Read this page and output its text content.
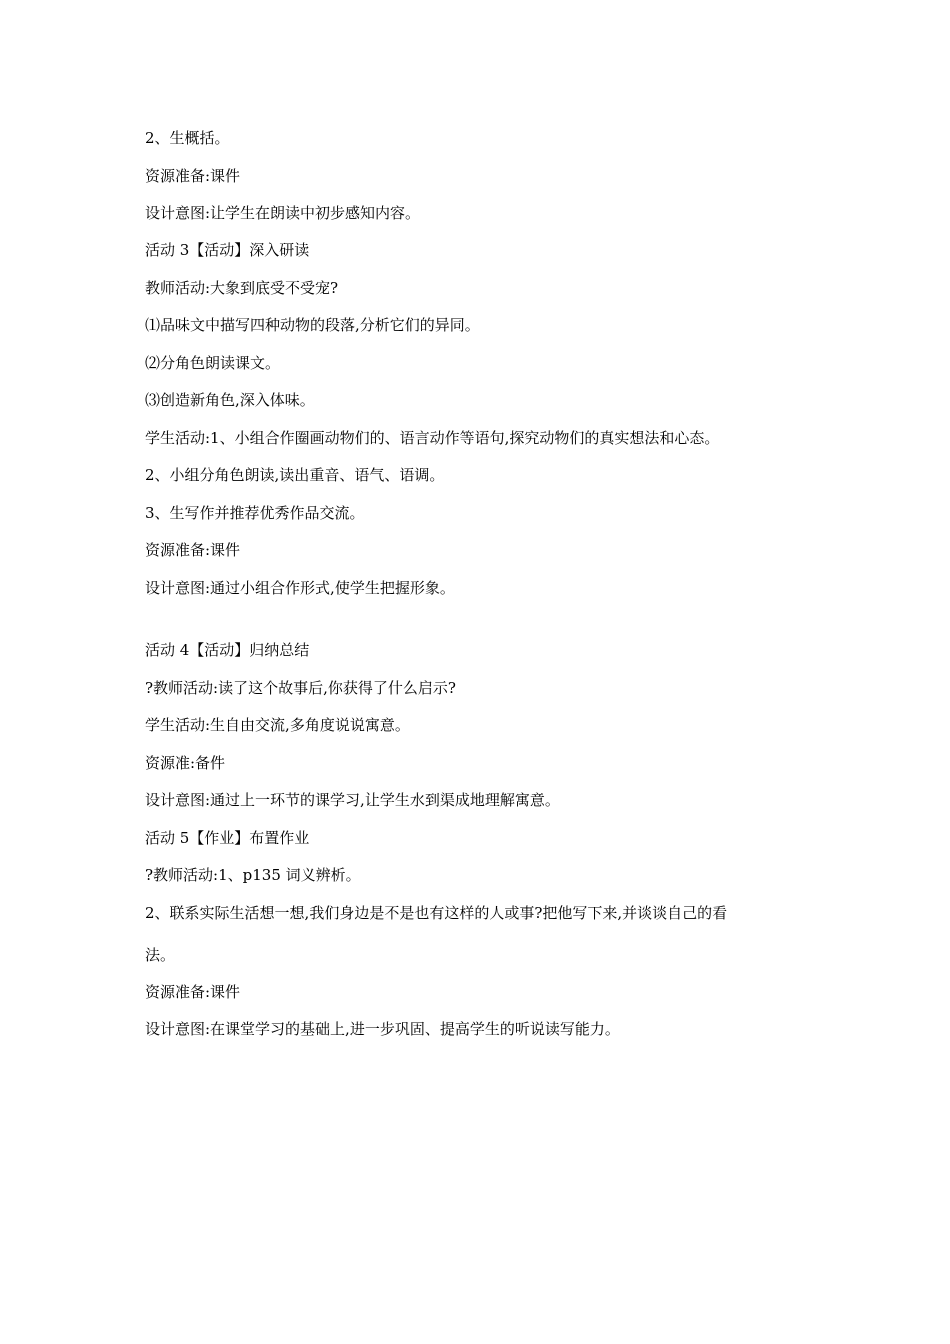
2、生概括。
资源准备:课件
设计意图:让学生在朗读中初步感知内容。
活动 3【活动】深入研读
教师活动:大象到底受不受宠?
⑴品味文中描写四种动物的段落,分析它们的异同。
⑵分角色朗读课文。
⑶创造新角色,深入体味。
学生活动:1、小组合作圈画动物们的、语言动作等语句,探究动物们的真实想法和心态。
2、小组分角色朗读,读出重音、语气、语调。
3、生写作并推荐优秀作品交流。
资源准备:课件
设计意图:通过小组合作形式,使学生把握形象。
活动 4【活动】归纳总结
?教师活动:读了这个故事后,你获得了什么启示?
学生活动:生自由交流,多角度说说寓意。
资源准:备件
设计意图:通过上一环节的课学习,让学生水到渠成地理解寓意。
活动 5【作业】布置作业
?教师活动:1、p135 词义辨析。
2、联系实际生活想一想,我们身边是不是也有这样的人或事?把他写下来,并谈谈自己的看
法。
资源准备:课件
设计意图:在课堂学习的基础上,进一步巩固、提高学生的听说读写能力。
